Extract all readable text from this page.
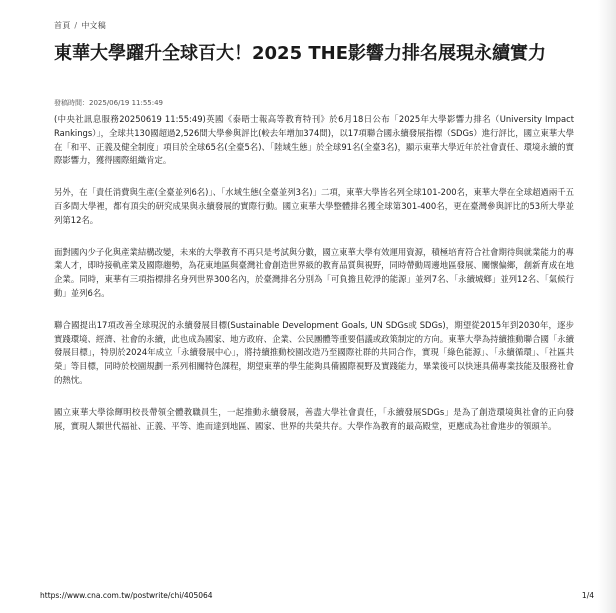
首頁 / 中文稿
東華大學躍升全球百大！2025 THE影響力排名展現永續實力
發稿時間：2025/06/19 11:55:49

(中央社訊息服務20250619 11:55:49)英國《泰晤士報高等教育特刊》於6月18日公布「2025年大學影響力排名（University Impact Rankings）」，全球共130國超過2,526間大學參與評比(較去年增加374間)，以17項聯合國永續發展指標（SDGs）進行評比，國立東華大學在「和平、正義及健全制度」項目於全球65名(全臺5名)、「陸域生態」於全球91名(全臺3名)，顯示東華大學近年於社會責任、環境永續的實際影響力，獲得國際組織肯定。

另外，在「責任消費與生產(全臺並列6名)」、「水域生態(全臺並列3名)」二項，東華大學皆名列全球101-200名，東華大學在全球超過兩千五百多間大學裡，都有頂尖的研究成果與永續發展的實際行動。國立東華大學整體排名獲全球第301-400名，更在臺灣參與評比的53所大學並列第12名。

面對國內少子化與產業結構改變，未來的大學教育不再只是考試與分數，國立東華大學有效運用資源，積極培育符合社會期待與就業能力的專業人才，即時接軌產業及國際趨勢，為花東地區與臺灣社會創造世界級的教育品質與視野，同時帶動周邊地區發展、關懷偏鄉，創新育成在地企業。同時，東華有三項指標排名身列世界300名內，於臺灣排名分別為「可負擔且乾淨的能源」並列7名、「永續城鄉」並列12名、「氣候行動」並列6名。

聯合國提出17項改善全球現況的永續發展目標(Sustainable Development Goals, UN SDGs或 SDGs)，期望從2015年到2030年，逐步實踐環境、經濟、社會的永續，此也成為國家、地方政府、企業、公民團體等重要倡議或政策制定的方向。東華大學為持續推動聯合國「永續發展目標」，特別於2024年成立「永續發展中心」，將持續推動校園改造乃至國際社群的共同合作，實現「綠色能源」、「永續循環」、「社區共榮」等目標，同時於校園規劃一系列相關特色課程，期望東華的學生能夠具備國際視野及實踐能力，畢業後可以快速具備專業技能及服務社會的熱忱。

國立東華大學徐輝明校長帶領全體教職員生，一起推動永續發展，善盡大學社會責任，「永續發展SDGs」是為了創造環境與社會的正向發展，實現人類世代福祉、正義、平等、進而達到地區、國家、世界的共榮共存。大學作為教育的最高殿堂，更應成為社會進步的領頭羊。

https://www.cna.com.tw/postwrite/chi/405064	1/4
